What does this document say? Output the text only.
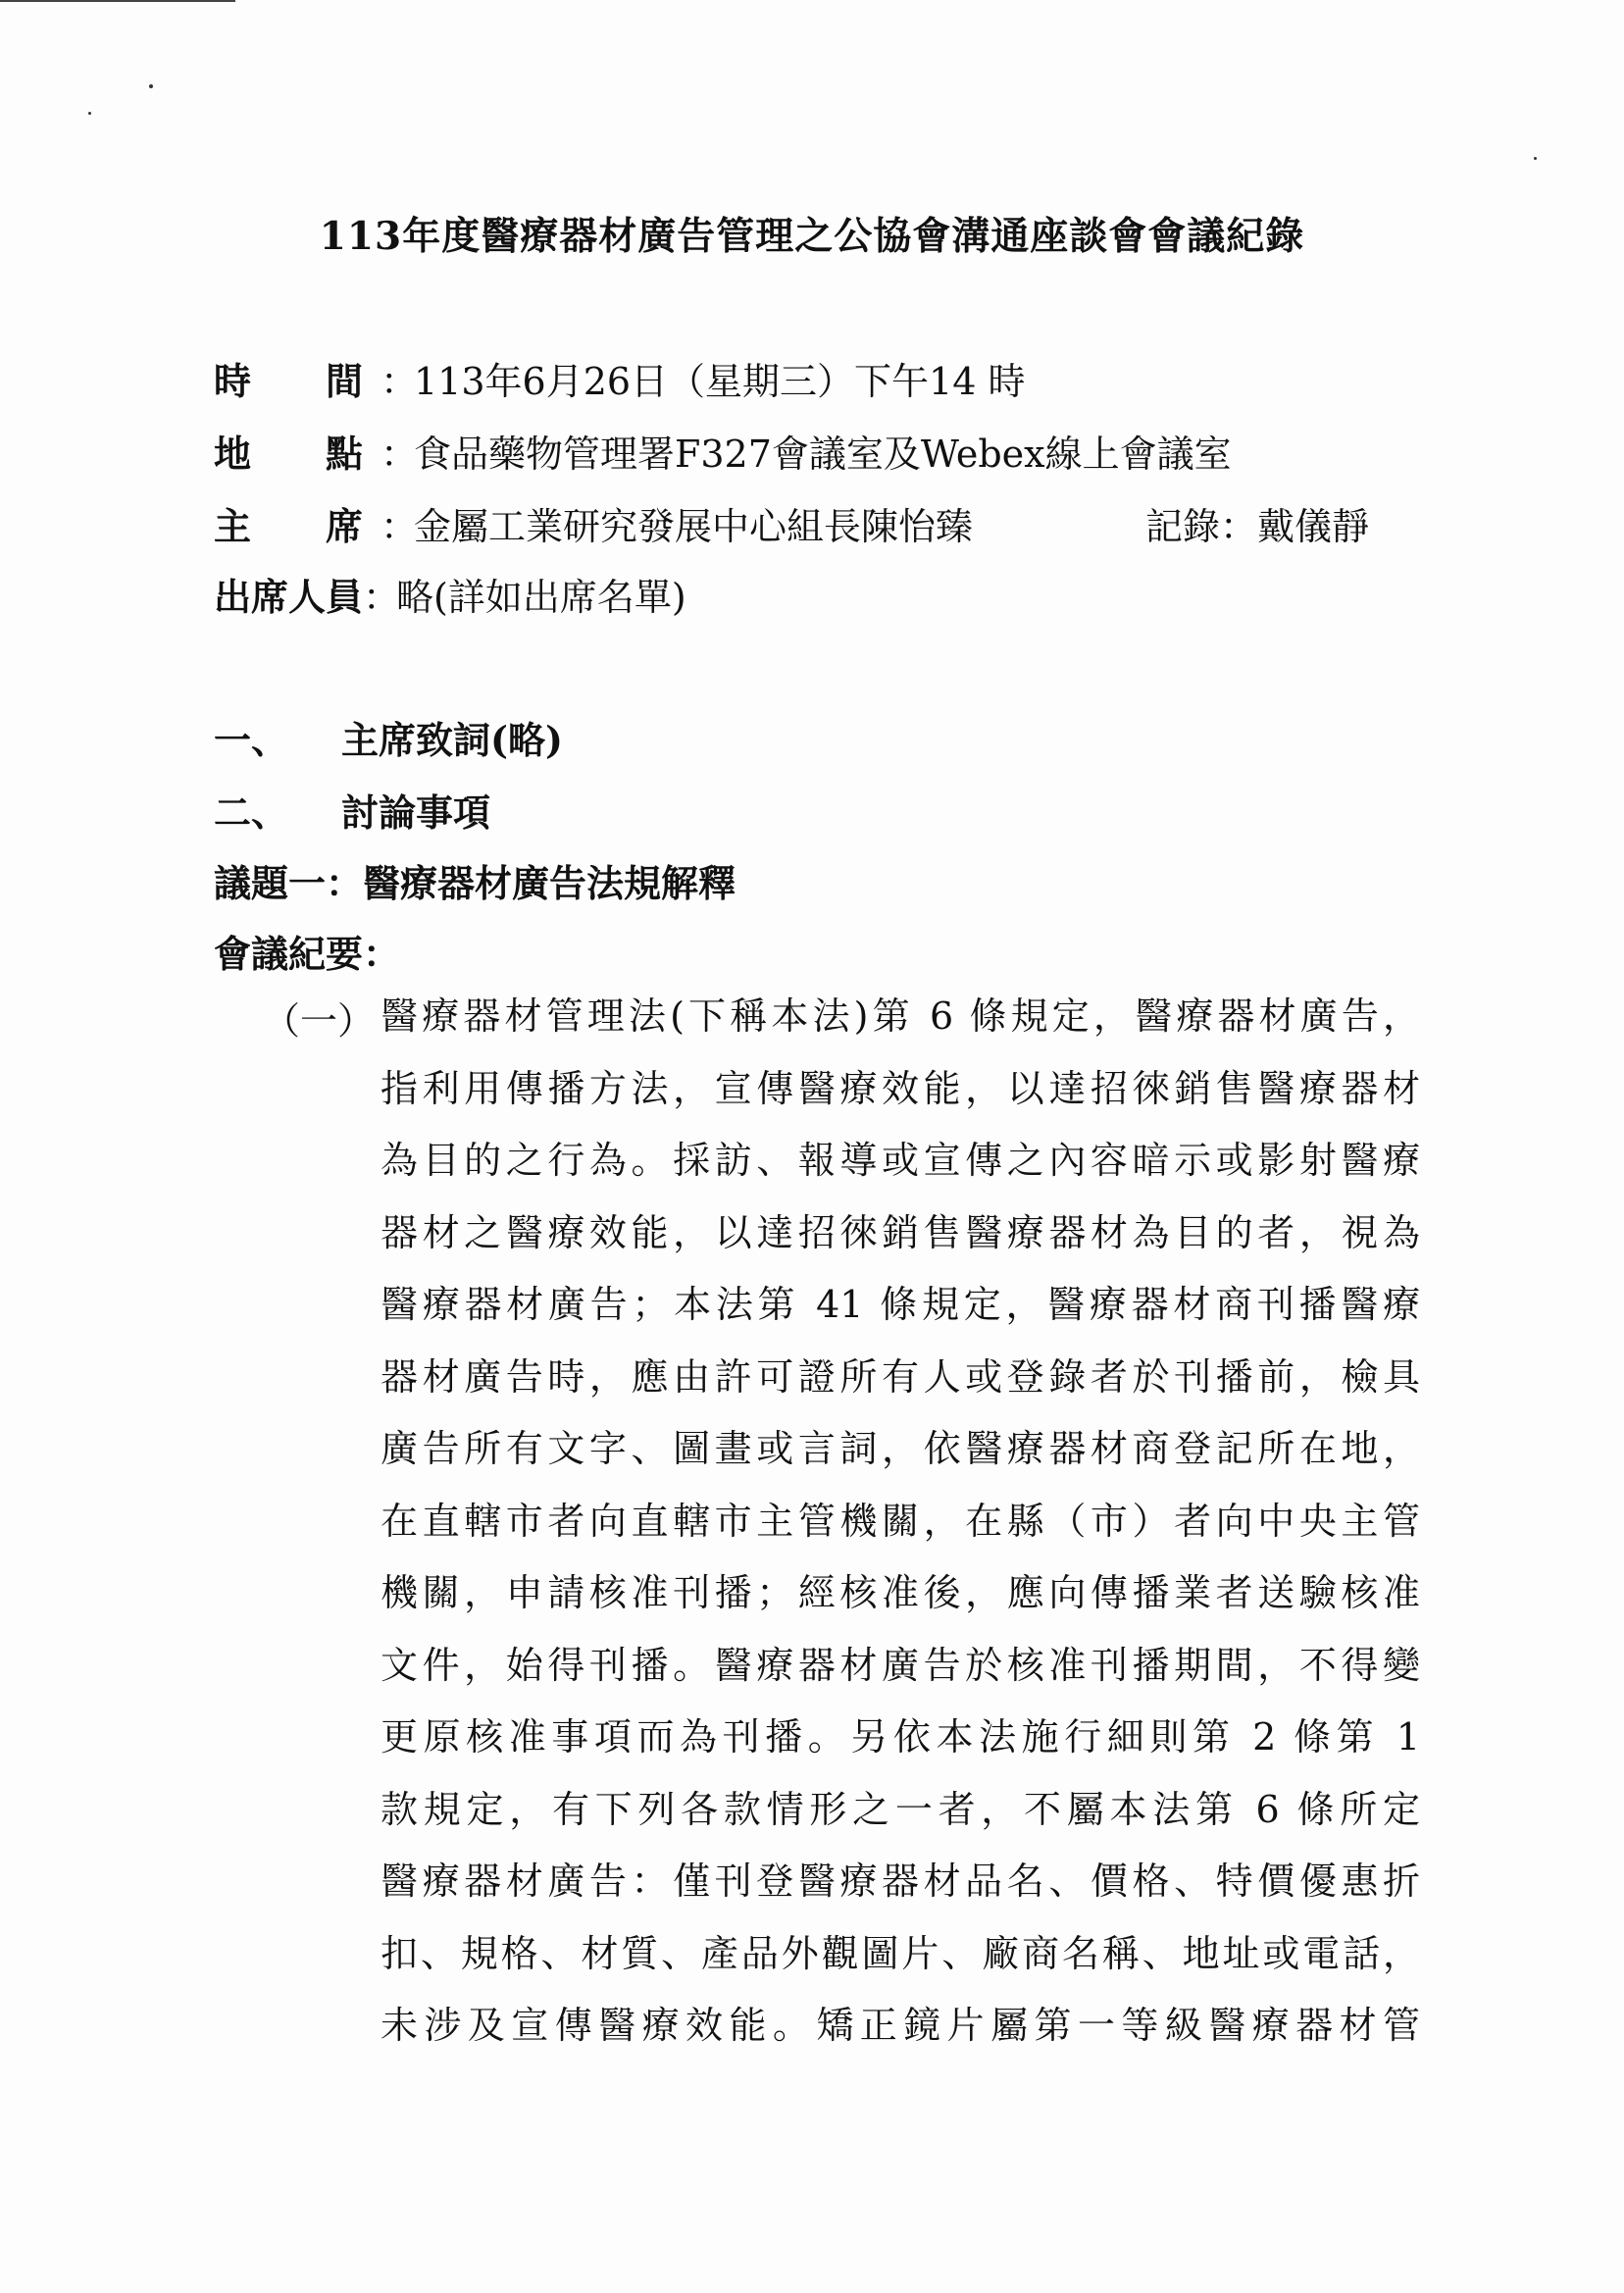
113年度醫療器材廣告管理之公協會溝通座談會會議紀錄
時　　間 ：113年6月26日（星期三）下午14 時
地　　點 ：食品藥物管理署F327會議室及Webex線上會議室
主　　席 ：金屬工業研究發展中心組長陳怡臻	記錄：戴儀靜
出席人員：略(詳如出席名單)
一、 主席致詞(略)
二、 討論事項
議題一：醫療器材廣告法規解釋
會議紀要：
（一） 醫療器材管理法(下稱本法)第 6 條規定，醫療器材廣告，
指利用傳播方法，宣傳醫療效能，以達招徠銷售醫療器材
為目的之行為。採訪、報導或宣傳之內容暗示或影射醫療
器材之醫療效能，以達招徠銷售醫療器材為目的者，視為
醫療器材廣告；本法第 41 條規定，醫療器材商刊播醫療
器材廣告時，應由許可證所有人或登錄者於刊播前，檢具
廣告所有文字、圖畫或言詞，依醫療器材商登記所在地，
在直轄市者向直轄市主管機關，在縣（市）者向中央主管
機關，申請核准刊播；經核准後，應向傳播業者送驗核准
文件，始得刊播。醫療器材廣告於核准刊播期間，不得變
更原核准事項而為刊播。另依本法施行細則第 2 條第 1
款規定，有下列各款情形之一者，不屬本法第 6 條所定
醫療器材廣告：僅刊登醫療器材品名、價格、特價優惠折
扣、規格、材質、產品外觀圖片、廠商名稱、地址或電話，
未涉及宣傳醫療效能。矯正鏡片屬第一等級醫療器材管
